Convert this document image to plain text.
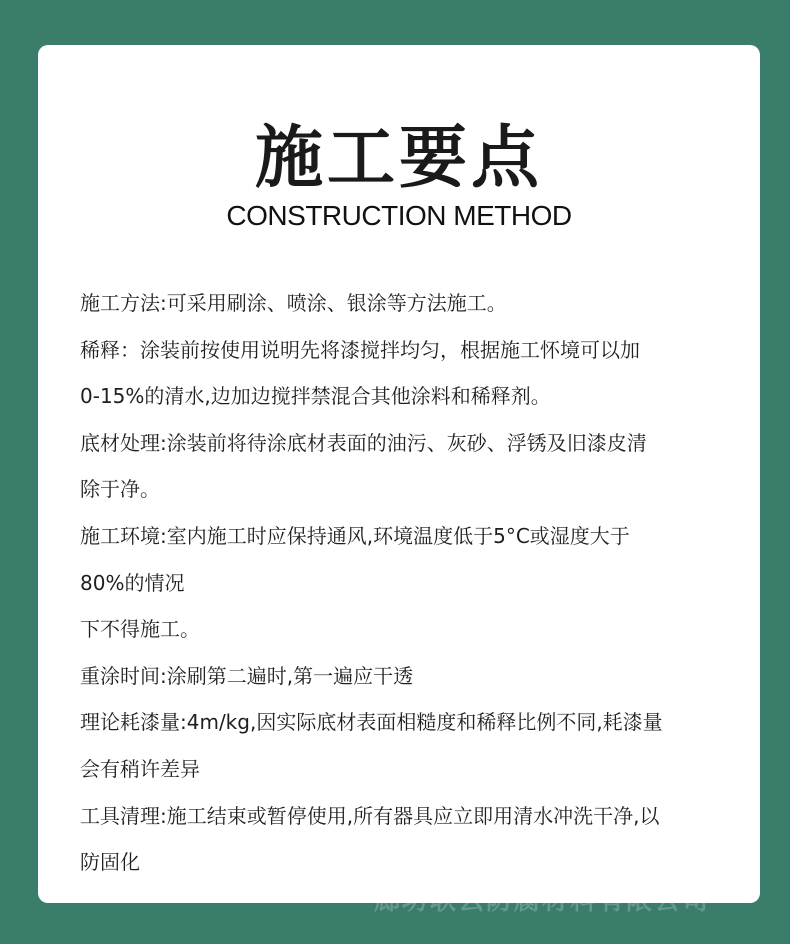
施工要点
CONSTRUCTION METHOD
施工方法:可采用刷涂、喷涂、银涂等方法施工。
稀释：涂装前按使用说明先将漆搅拌均匀，根据施工怀境可以加
0-15%的清水,边加边搅拌禁混合其他涂料和稀释剂。
底材处理:涂装前将待涂底材表面的油污、灰砂、浮锈及旧漆皮清
除于净。
施工环境:室内施工时应保持通风,环境温度低于5°C或湿度大于
80%的情况
下不得施工。
重涂时间:涂刷第二遍时,第一遍应干透
理论耗漆量:4m/kg,因实际底材表面相糙度和稀释比例不同,耗漆量
会有稍许差异
工具清理:施工结束或暂停使用,所有器具应立即用清水冲洗干净,以
防固化
廊坊联云防腐材料有限公司
